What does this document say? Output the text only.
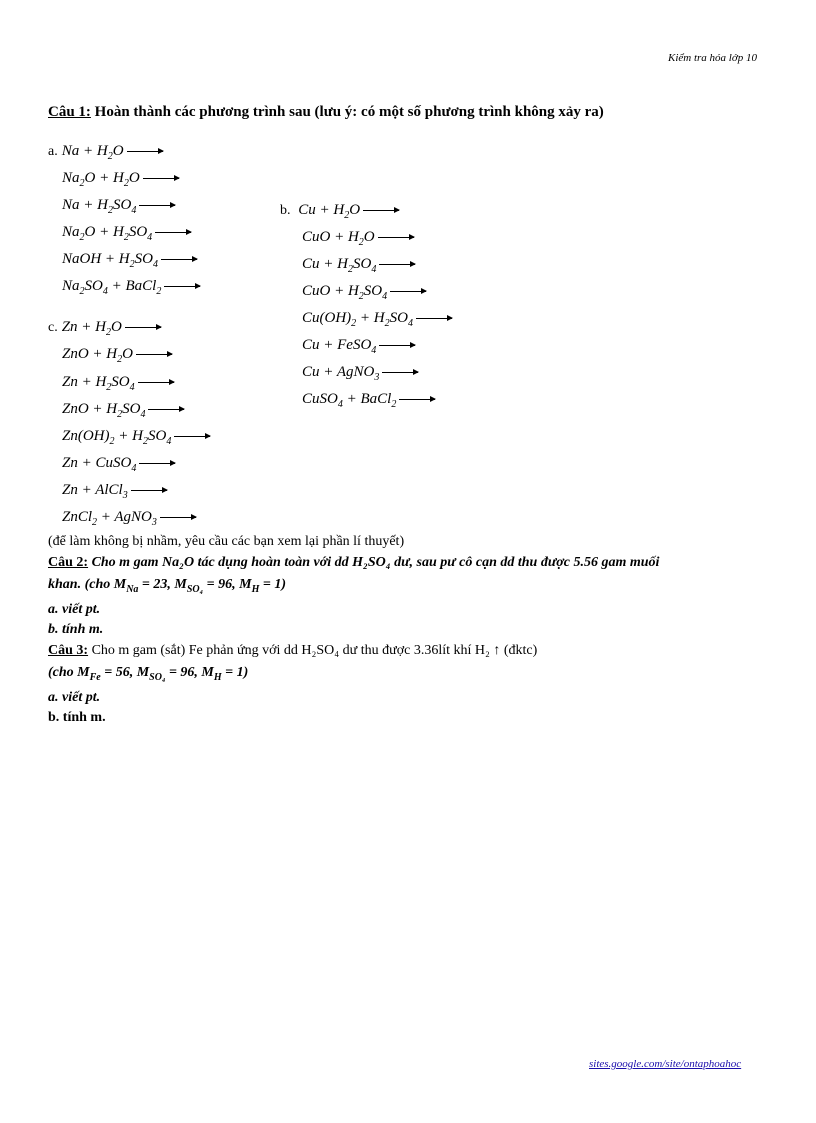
Kiểm tra hóa lớp 10
Câu 1: Hoàn thành các phương trình sau (lưu ý: có một số phương trình không xảy ra)
a. $Na + H_2O$
$Na_2O + H_2O$
$Na + H_2SO_4$
$Na_2O + H_2SO_4$
NaOH + $H_2SO_4$
$Na_2SO_4$ + BaCl$_2$
b. $Cu + H_2O$
CuO + $H_2O$
$Cu + H_2SO_4$
CuO + $H_2SO_4$
$Cu(OH)_2 + H_2SO_4$
Cu + FeSO$_4$
Cu + AgNO$_3$
CuSO$_4$ + BaCl$_2$
c. $Zn + H_2O$
ZnO + $H_2O$
$Zn + H_2SO_4$
ZnO + $H_2SO_4$
$Zn(OH)_2 + H_2SO_4$
Zn + CuSO$_4$
Zn + AlCl$_3$
ZnCl$_2$ + AgNO$_3$
(để làm không bị nhầm, yêu cầu các bạn xem lại phần lí thuyết)
Câu 2: Cho m gam Na₂O tác dụng hoàn toàn với dd H₂SO₄ dư, sau pư cô cạn dd thu được 5.56 gam muối
khan. (cho $M_{Na} = 23$, $M_{SO_4} = 96$, $M_H = 1$)
a. viết pt.
b. tính m.
Câu 3: Cho m gam (sắt) Fe phản ứng với dd H₂SO₄ dư thu được 3.36lít khí H₂ ↑ (đktc)
(cho $M_{Fe} = 56$, $M_{SO_4} = 96$, $M_H = 1$)
a. viết pt.
b. tính m.
sites.google.com/site/ontaphoahoc
